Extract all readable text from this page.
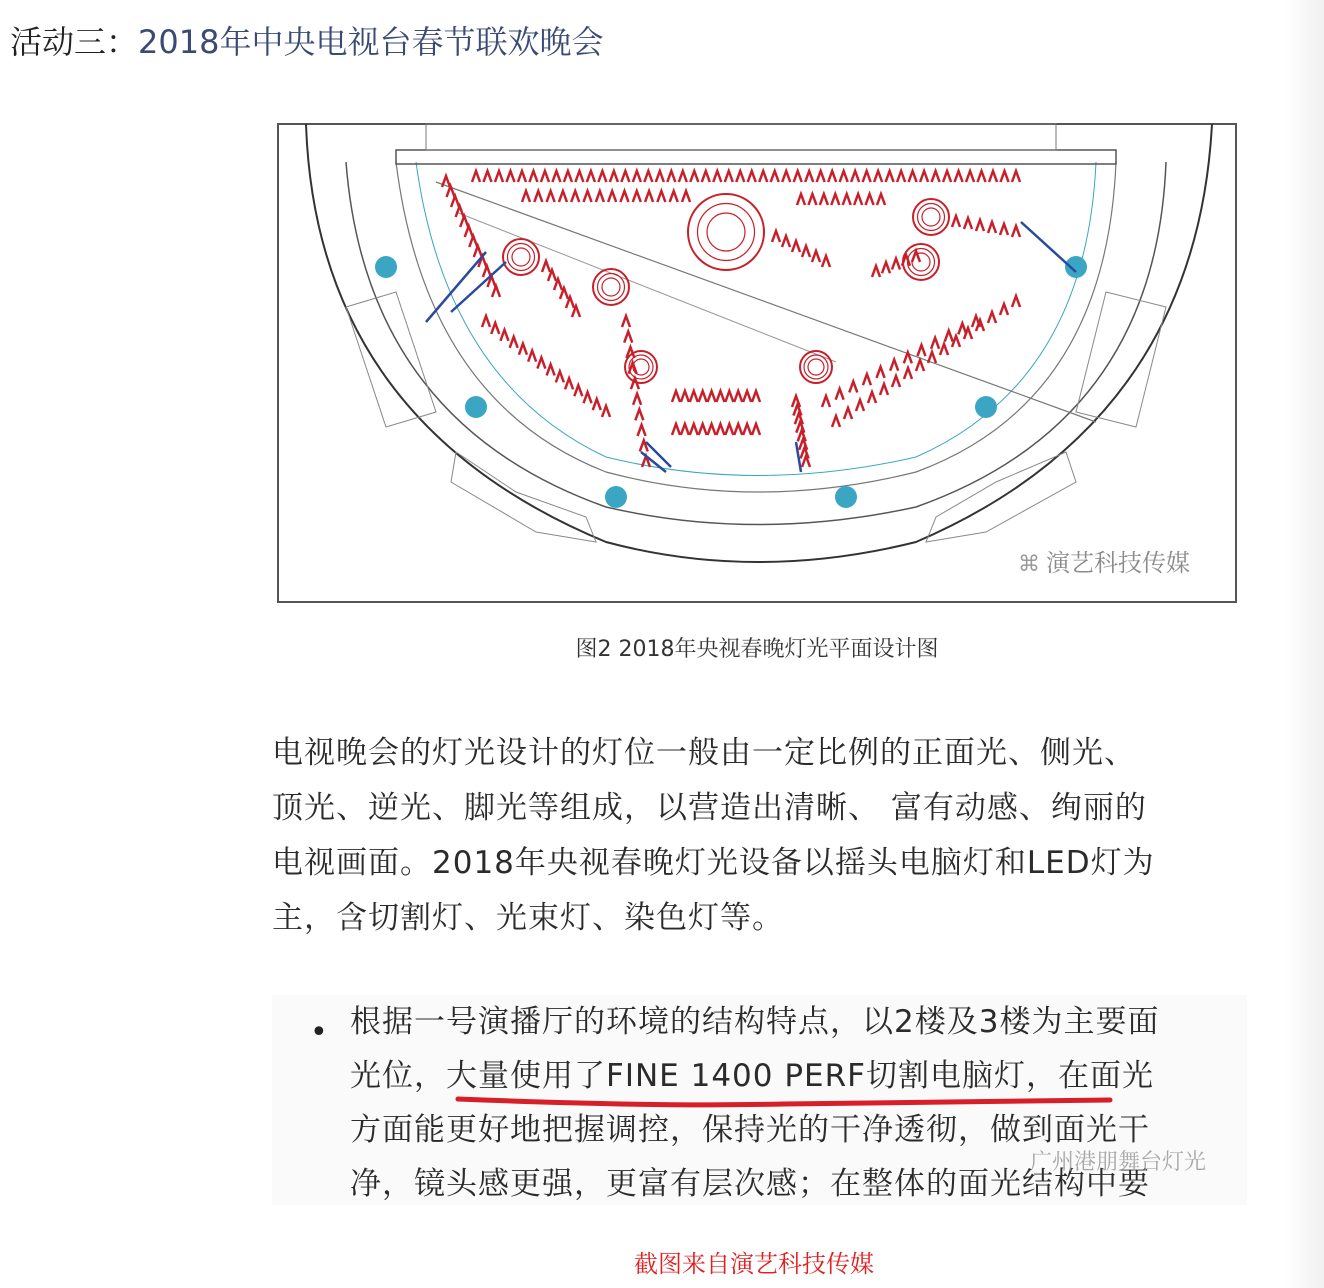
活动三：2018年中央电视台春节联欢晚会
⌘ 演艺科技传媒
图2 2018年央视春晚灯光平面设计图
电视晚会的灯光设计的灯位一般由一定比例的正面光、侧光、
顶光、逆光、脚光等组成，以营造出清晰、 富有动感、绚丽的
电视画面。2018年央视春晚灯光设备以摇头电脑灯和LED灯为
主，含切割灯、光束灯、染色灯等。
• 根据一号演播厅的环境的结构特点，以2楼及3楼为主要面
光位，大量使用了FINE 1400 PERF切割电脑灯，在面光
方面能更好地把握调控，保持光的干净透彻，做到面光干
净，镜头感更强，更富有层次感；在整体的面光结构中要
广州港朋舞台灯光
截图来自演艺科技传媒
